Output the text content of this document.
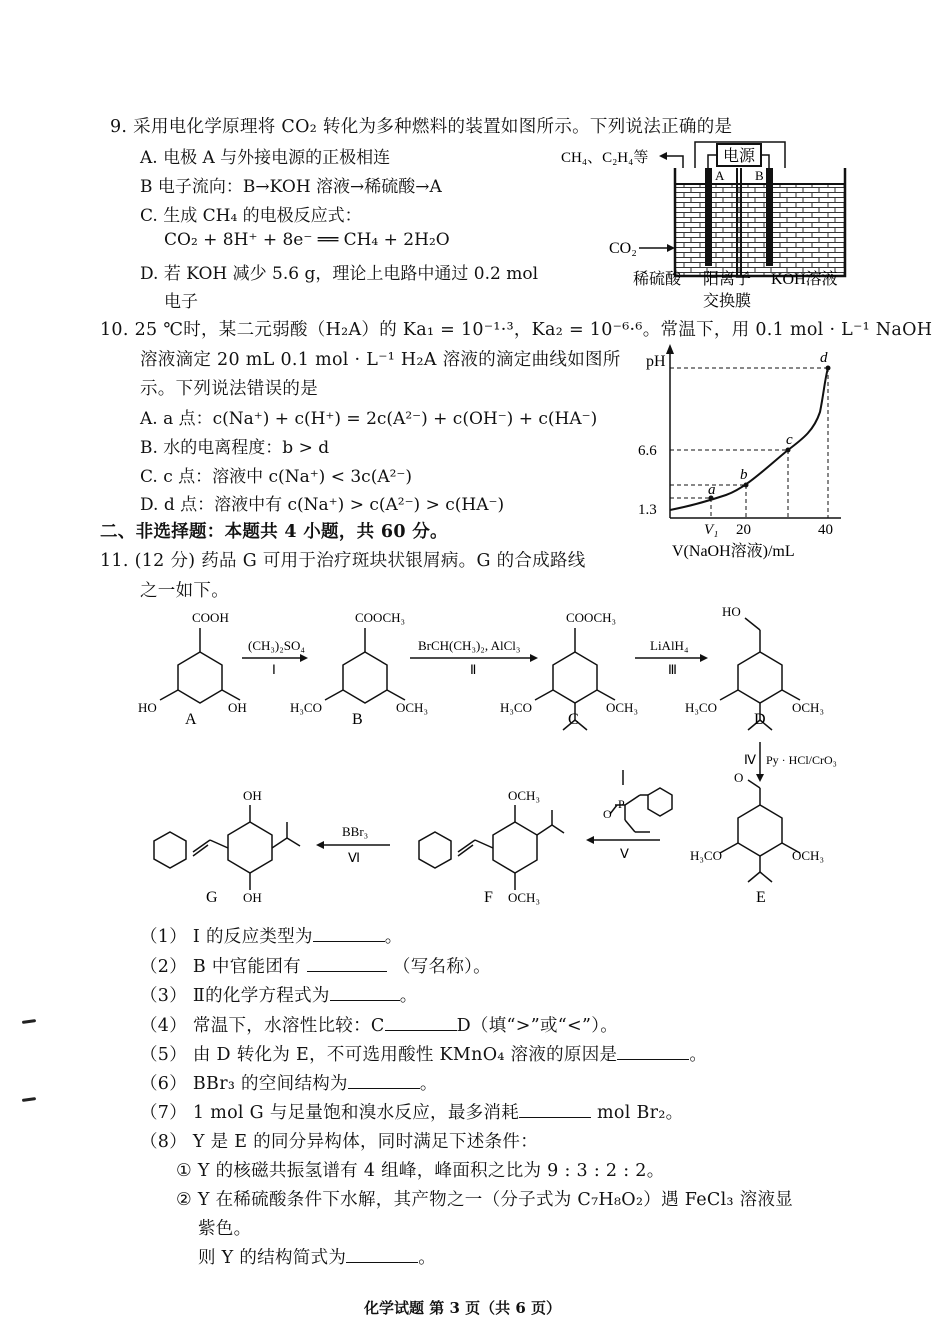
9. 采用电化学原理将 CO₂ 转化为多种燃料的装置如图所示。下列说法正确的是
A. 电极 A 与外接电源的正极相连
B 电子流向：B→KOH 溶液→稀硫酸→A
C. 生成 CH₄ 的电极反应式：
CO₂ + 8H⁺ + 8e⁻ ══ CH₄ + 2H₂O
D. 若 KOH 减少 5.6 g，理论上电路中通过 0.2 mol
电子
电源
A B
CH₄、C₂H₄等
CO₂
稀硫酸 阳离子
交换膜
KOH溶液
10. 25 ℃时，某二元弱酸（H₂A）的 Ka₁ = 10⁻¹·³，Ka₂ = 10⁻⁶·⁶。常温下，用 0.1 mol · L⁻¹ NaOH
溶液滴定 20 mL 0.1 mol · L⁻¹ H₂A 溶液的滴定曲线如图所
示。下列说法错误的是
A. a 点：c(Na⁺) + c(H⁺) = 2c(A²⁻) + c(OH⁻) + c(HA⁻)
B. 水的电离程度：b > d
C. c 点：溶液中 c(Na⁺) < 3c(A²⁻)
D. d 点：溶液中有 c(Na⁺) > c(A²⁻) > c(HA⁻)
pH
a
b
c
d
6.6
1.3
V₁ 20	40
V(NaOH溶液)/mL
二、非选择题：本题共 4 小题，共 60 分。
11. (12 分) 药品 G 可用于治疗斑块状银屑病。G 的合成路线
之一如下。
COOH
HO	OH
COOCH₃
H₃CO	OCH₃
COOCH₃
H₃CO	OCH₃
HO
H₃CO	OCH₃
O
H₃CO	OCH₃
OCH₃
OCH₃
OH
OH
P
O
(CH₃)₂SO₄
Ⅰ
BrCH(CH₃)₂, AlCl₃
Ⅱ
LiAlH₄
Ⅲ
Py · HCl/CrO₃
Ⅳ
Ⅴ
BBr₃
Ⅵ
A	B	C	D
E
F
G
（1） Ⅰ 的反应类型为	。
（2） B 中官能团有	（写名称）。
（3） Ⅱ的化学方程式为	。
（4） 常温下，水溶性比较：C	D（填“>”或“<”）。
（5） 由 D 转化为 E，不可选用酸性 KMnO₄ 溶液的原因是	。
（6） BBr₃ 的空间结构为	。
（7） 1 mol G 与足量饱和溴水反应，最多消耗	mol Br₂。
（8） Y 是 E 的同分异构体，同时满足下述条件：
① Y 的核磁共振氢谱有 4 组峰，峰面积之比为 9 : 3 : 2 : 2。
② Y 在稀硫酸条件下水解，其产物之一（分子式为 C₇H₈O₂）遇 FeCl₃ 溶液显
紫色。
则 Y 的结构简式为	。
化学试题 第 3 页（共 6 页）
